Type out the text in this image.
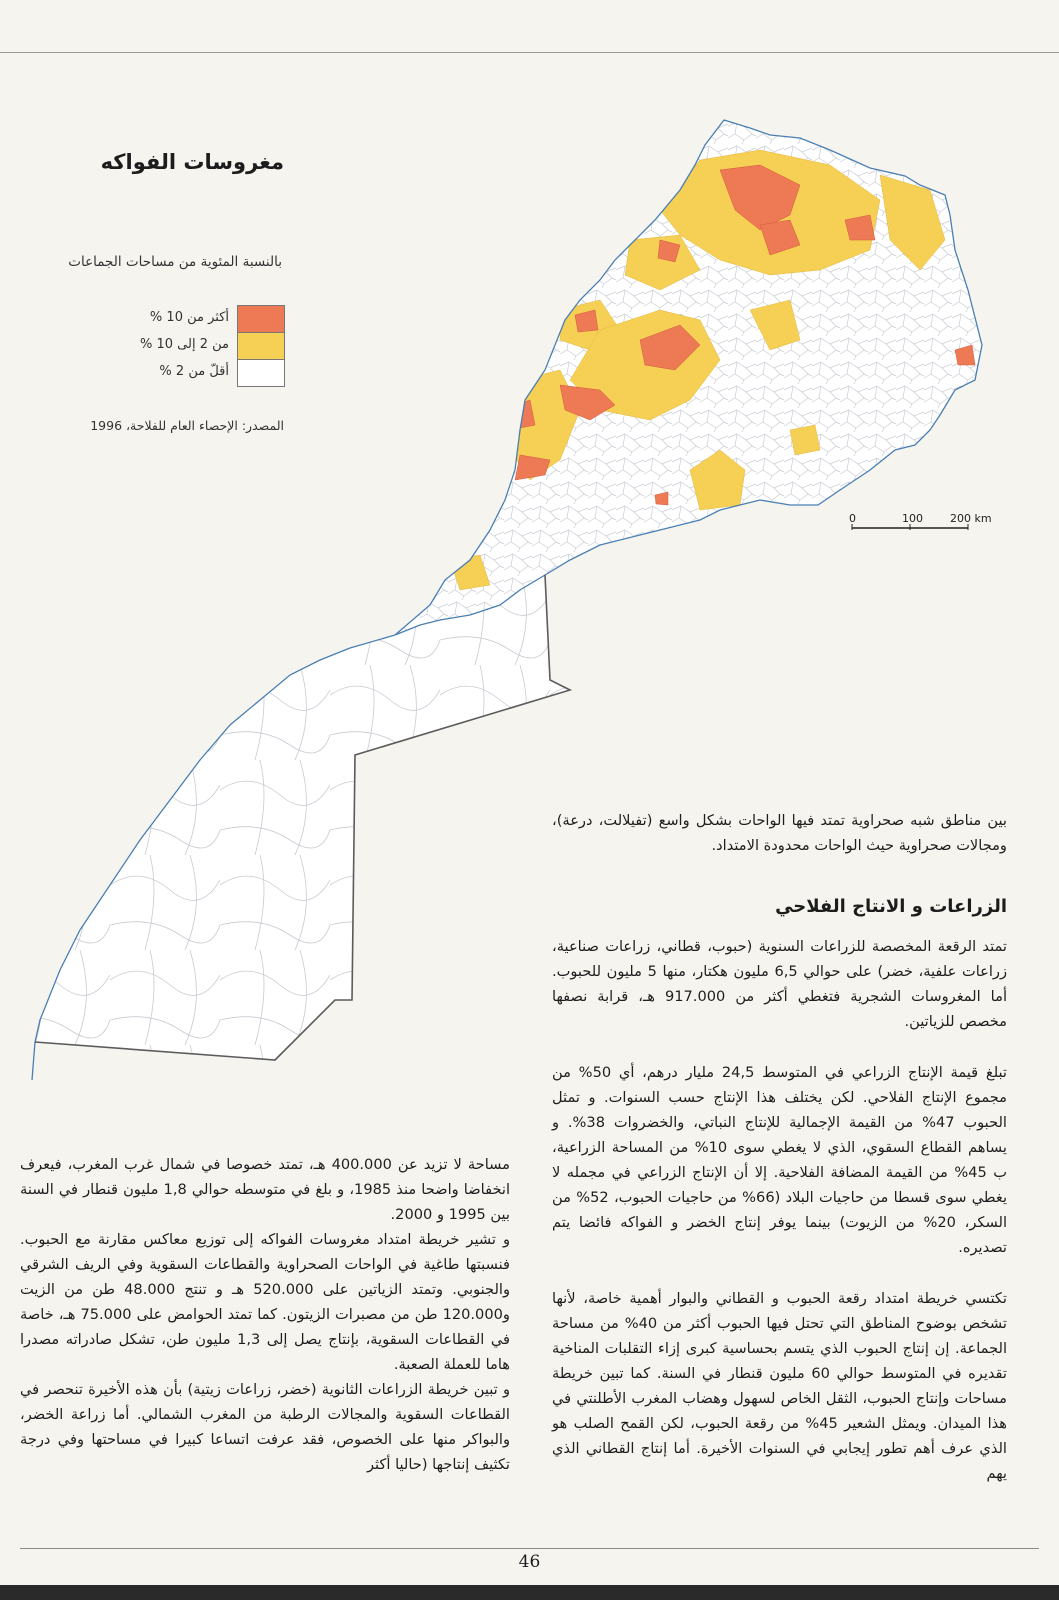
0	100 200 km
مغروسات الفواكه
بالنسبة المئوية من مساحات الجماعات
أكثر من 10 %
من 2 إلى 10 %
أقلّ من 2 %
المصدر: الإحصاء العام للفلاحة، 1996

بين مناطق شبه صحراوية تمتد فيها الواحات بشكل واسع (تفيلالت، درعة)، ومجالات صحراوية حيث الواحات محدودة الامتداد.

الزراعات و الانتاج الفلاحي

تمتد الرقعة المخصصة للزراعات السنوية (حبوب، قطاني، زراعات صناعية، زراعات علفية، خضر) على حوالي 6,5 مليون هكتار، منها 5 مليون للحبوب. أما المغروسات الشجرية فتغطي أكثر من 917.000 هـ، قرابة نصفها مخصص للزياتين.

تبلغ قيمة الإنتاج الزراعي في المتوسط 24,5 مليار درهم، أي 50% من مجموع الإنتاج الفلاحي. لكن يختلف هذا الإنتاج حسب السنوات. و تمثل الحبوب 47% من القيمة الإجمالية للإنتاج النباتي، والخضروات 38%. و يساهم القطاع السقوي، الذي لا يغطي سوى 10% من المساحة الزراعية، ب 45% من القيمة المضافة الفلاحية. إلا أن الإنتاج الزراعي في مجمله لا يغطي سوى قسطا من حاجيات البلاد (66% من حاجيات الحبوب، 52% من السكر، 20% من الزيوت) بينما يوفر إنتاج الخضر و الفواكه فائضا يتم تصديره.

تكتسي خريطة امتداد رقعة الحبوب و القطاني والبوار أهمية خاصة، لأنها تشخص بوضوح المناطق التي تحتل فيها الحبوب أكثر من 40% من مساحة الجماعة. إن إنتاج الحبوب الذي يتسم بحساسية كبرى إزاء التقلبات المناخية تقديره في المتوسط حوالي 60 مليون قنطار في السنة. كما تبين خريطة مساحات وإنتاج الحبوب، الثقل الخاص لسهول وهضاب المغرب الأطلنتي في هذا الميدان. ويمثل الشعير 45% من رقعة الحبوب، لكن القمح الصلب هو الذي عرف أهم تطور إيجابي في السنوات الأخيرة. أما إنتاج القطاني الذي يهم

مساحة لا تزيد عن 400.000 هـ، تمتد خصوصا في شمال غرب المغرب، فيعرف انخفاضا واضحا منذ 1985، و بلغ في متوسطه حوالي 1,8 مليون قنطار في السنة بين 1995 و 2000.

و تشير خريطة امتداد مغروسات الفواكه إلى توزيع معاكس مقارنة مع الحبوب. فنسبتها طاغية في الواحات الصحراوية والقطاعات السقوية وفي الريف الشرقي والجنوبي. وتمتد الزياتين على 520.000 هـ و تنتج 48.000 طن من الزيت و120.000 طن من مصبرات الزيتون. كما تمتد الحوامض على 75.000 هـ، خاصة في القطاعات السقوية، بإنتاج يصل إلى 1,3 مليون طن، تشكل صادراته مصدرا هاما للعملة الصعبة.

و تبين خريطة الزراعات الثانوية (خضر، زراعات زيتية) بأن هذه الأخيرة تنحصر في القطاعات السقوية والمجالات الرطبة من المغرب الشمالي. أما زراعة الخضر، والبواكر منها على الخصوص، فقد عرفت اتساعا كبيرا في مساحتها وفي درجة تكثيف إنتاجها (حاليا أكثر

46
